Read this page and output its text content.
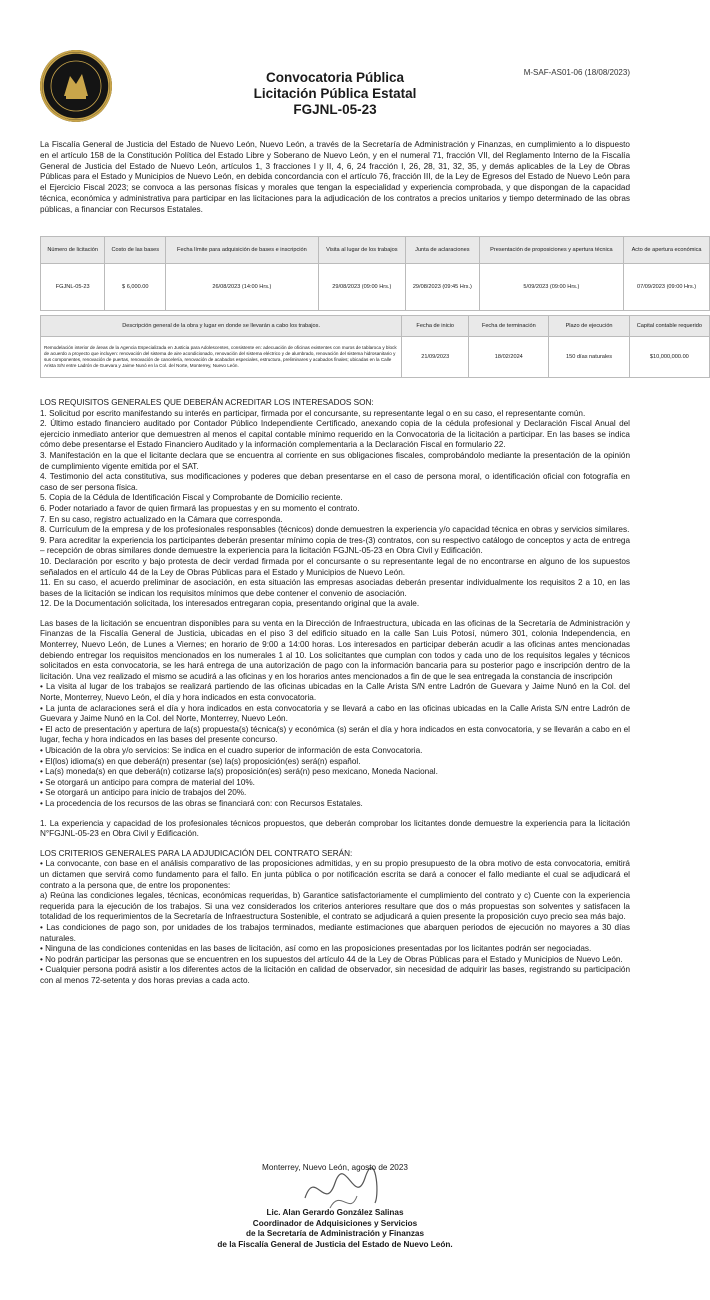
M-SAF-AS01-06 (18/08/2023)
Convocatoria Pública
Licitación Pública Estatal
FGJNL-05-23
La Fiscalía General de Justicia del Estado de Nuevo León, Nuevo León, a través de la Secretaría de Administración y Finanzas, en cumplimiento a lo dispuesto en el artículo 158 de la Constitución Política del Estado Libre y Soberano de Nuevo León, y en el numeral 71, fracción VII, del Reglamento Interno de la Fiscalía General de Justicia del Estado de Nuevo León, artículos 1, 3 fracciones I y II, 4, 6, 24 fracción I, 26, 28, 31, 32, 35, y demás aplicables de la Ley de Obras Públicas para el Estado y Municipios de Nuevo León, en debida concordancia con el artículo 76, fracción III, de la Ley de Egresos del Estado de Nuevo León para el Ejercicio Fiscal 2023; se convoca a las personas físicas y morales que tengan la especialidad y experiencia comprobada, y que dispongan de la capacidad técnica, económica y administrativa para participar en las licitaciones para la adjudicación de los contratos a precios unitarios y tiempo determinado de las obras públicas, a financiar con Recursos Estatales.
Número de licitación	Costo de las bases	Fecha límite para adquisición de bases e inscripción	Visita al lugar de los trabajos	Junta de aclaraciones	Presentación de proposiciones y apertura técnica	Acto de apertura económica
FGJNL-05-23	$ 6,000.00	26/08/2023 (14:00 Hrs.)	29/08/2023 (09:00 Hrs.)	29/08/2023 (09:45 Hrs.)	5/09/2023 (09:00 Hrs.)	07/09/2023 (09:00 Hrs.)
Descripción general de la obra y lugar en donde se llevarán a cabo los trabajos.	Fecha de inicio	Fecha de terminación	Plazo de ejecución	Capital contable requerido
Remodelación interior de áreas de la Agencia Especializada en Justicia para Adolescentes, consistente en: adecuación de oficinas existentes con muros de tablaroca y block de acuerdo a proyecto que incluyen: renovación del sistema de aire acondicionado, renovación del sistema eléctrico y de alumbrado, renovación del sistema hidrosanitario y sus componentes, renovación de puertas, renovación de cancelería, renovación de acabados especiales, estructura, preliminares y acabados finales; ubicadas en la Calle Arista S/N entre Ladrón de Guevara y Jaime Nunó en la Col. del Norte, Monterrey, Nuevo León.	21/09/2023	18/02/2024	150 días naturales	$10,000,000.00

LOS REQUISITOS GENERALES QUE DEBERÁN ACREDITAR LOS INTERESADOS SON:

1. Solicitud por escrito manifestando su interés en participar, firmada por el concursante, su representante legal o en su caso, el representante común.

2. Último estado financiero auditado por Contador Público Independiente Certificado, anexando copia de la cédula profesional y Declaración Fiscal Anual del ejercicio inmediato anterior que demuestren al menos el capital contable mínimo requerido en la Convocatoria de la licitación a participar. En las bases se indica cómo debe presentarse el Estado Financiero Auditado y la información complementaria a la Declaración Fiscal en formulario 22.

3. Manifestación en la que el licitante declara que se encuentra al corriente en sus obligaciones fiscales, comprobándolo mediante la presentación de la opinión de cumplimiento vigente emitida por el SAT.

4. Testimonio del acta constitutiva, sus modificaciones y poderes que deban presentarse en el caso de persona moral, o identificación oficial con fotografía en caso de ser persona física.

5. Copia de la Cédula de Identificación Fiscal y Comprobante de Domicilio reciente.

6. Poder notariado a favor de quien firmará las propuestas y en su momento el contrato.

7. En su caso, registro actualizado en la Cámara que corresponda.

8. Currículum de la empresa y de los profesionales responsables (técnicos) donde demuestren la experiencia y/o capacidad técnica en obras y servicios similares.

9. Para acreditar la experiencia los participantes deberán presentar mínimo copia de tres-(3) contratos, con su respectivo catálogo de conceptos y acta de entrega – recepción de obras similares donde demuestre la experiencia para la licitación FGJNL-05-23 en Obra Civil y Edificación.

10. Declaración por escrito y bajo protesta de decir verdad firmada por el concursante o su representante legal de no encontrarse en alguno de los supuestos señalados en el artículo 44 de la Ley de Obras Públicas para el Estado y Municipios de Nuevo León.

11. En su caso, el acuerdo preliminar de asociación, en esta situación las empresas asociadas deberán presentar individualmente los requisitos 2 a 10, en las bases de la licitación se indican los requisitos mínimos que debe contener el convenio de asociación.

12. De la Documentación solicitada, los interesados entregaran copia, presentando original que la avale.

Las bases de la licitación se encuentran disponibles para su venta en la Dirección de Infraestructura, ubicada en las oficinas de la Secretaría de Administración y Finanzas de la Fiscalía General de Justicia, ubicadas en el piso 3 del edificio situado en la calle San Luis Potosí, número 301, colonia Independencia, en Monterrey, Nuevo León, de Lunes a Viernes; en horario de 9:00 a 14:00 horas. Los interesados en participar deberán acudir a las oficinas antes mencionadas debiendo entregar los requisitos mencionados en los numerales 1 al 10. Los solicitantes que cumplan con todos y cada uno de los requisitos legales y técnicos solicitados en esta convocatoria, se les hará entrega de una autorización de pago con la información bancaria para su posterior pago e inscripción dentro de la licitación. Una vez realizado el mismo se acudirá a las oficinas y en los horarios antes mencionados a fin de que le sea entregada la constancia de inscripción

• La visita al lugar de los trabajos se realizará partiendo de las oficinas ubicadas en la Calle Arista S/N entre Ladrón de Guevara y Jaime Nunó en la Col. del Norte, Monterrey, Nuevo León, el día y hora indicados en esta convocatoria.

• La junta de aclaraciones será el día y hora indicados en esta convocatoria y se llevará a cabo en las oficinas ubicadas en la Calle Arista S/N entre Ladrón de Guevara y Jaime Nunó en la Col. del Norte, Monterrey, Nuevo León.

• El acto de presentación y apertura de la(s) propuesta(s) técnica(s) y económica (s) serán el día y hora indicados en esta convocatoria, y se llevarán a cabo en el lugar, fecha y hora indicados en las bases del presente concurso.

• Ubicación de la obra y/o servicios: Se indica en el cuadro superior de información de esta Convocatoria.

• El(los) idioma(s) en que deberá(n) presentar (se) la(s) proposición(es) será(n) español.

• La(s) moneda(s) en que deberá(n) cotizarse la(s) proposición(es) será(n) peso mexicano, Moneda Nacional.

• Se otorgará un anticipo para compra de material del 10%.

• Se otorgará un anticipo para inicio de trabajos del 20%.

• La procedencia de los recursos de las obras se financiará con: con Recursos Estatales.

1. La experiencia y capacidad de los profesionales técnicos propuestos, que deberán comprobar los licitantes donde demuestre la experiencia para la licitación N°FGJNL-05-23 en Obra Civil y Edificación.

LOS CRITERIOS GENERALES PARA LA ADJUDICACIÓN DEL CONTRATO SERÁN:

• La convocante, con base en el análisis comparativo de las proposiciones admitidas, y en su propio presupuesto de la obra motivo de esta convocatoria, emitirá un dictamen que servirá como fundamento para el fallo. En junta pública o por notificación escrita se dará a conocer el fallo mediante el cual se adjudicará el contrato a la persona que, de entre los proponentes:

a) Reúna las condiciones legales, técnicas, económicas requeridas, b) Garantice satisfactoriamente el cumplimiento del contrato y c) Cuente con la experiencia requerida para la ejecución de los trabajos. Si una vez considerados los criterios anteriores resultare que dos o más propuestas son solventes y satisfacen la totalidad de los requerimientos de la Secretaría de Infraestructura Sostenible, el contrato se adjudicará a quien presente la proposición cuyo precio sea más bajo.

• Las condiciones de pago son, por unidades de los trabajos terminados, mediante estimaciones que abarquen periodos de ejecución no mayores a 30 días naturales.

• Ninguna de las condiciones contenidas en las bases de licitación, así como en las proposiciones presentadas por los licitantes podrán ser negociadas.

• No podrán participar las personas que se encuentren en los supuestos del artículo 44 de la Ley de Obras Públicas para el Estado y Municipios de Nuevo León.

• Cualquier persona podrá asistir a los diferentes actos de la licitación en calidad de observador, sin necesidad de adquirir las bases, registrando su participación con al menos 72-setenta y dos horas previas a cada acto.

Monterrey, Nuevo León, agosto de 2023
Lic. Alan Gerardo González Salinas
Coordinador de Adquisiciones y Servicios
de la Secretaría de Administración y Finanzas
de la Fiscalía General de Justicia del Estado de Nuevo León.
